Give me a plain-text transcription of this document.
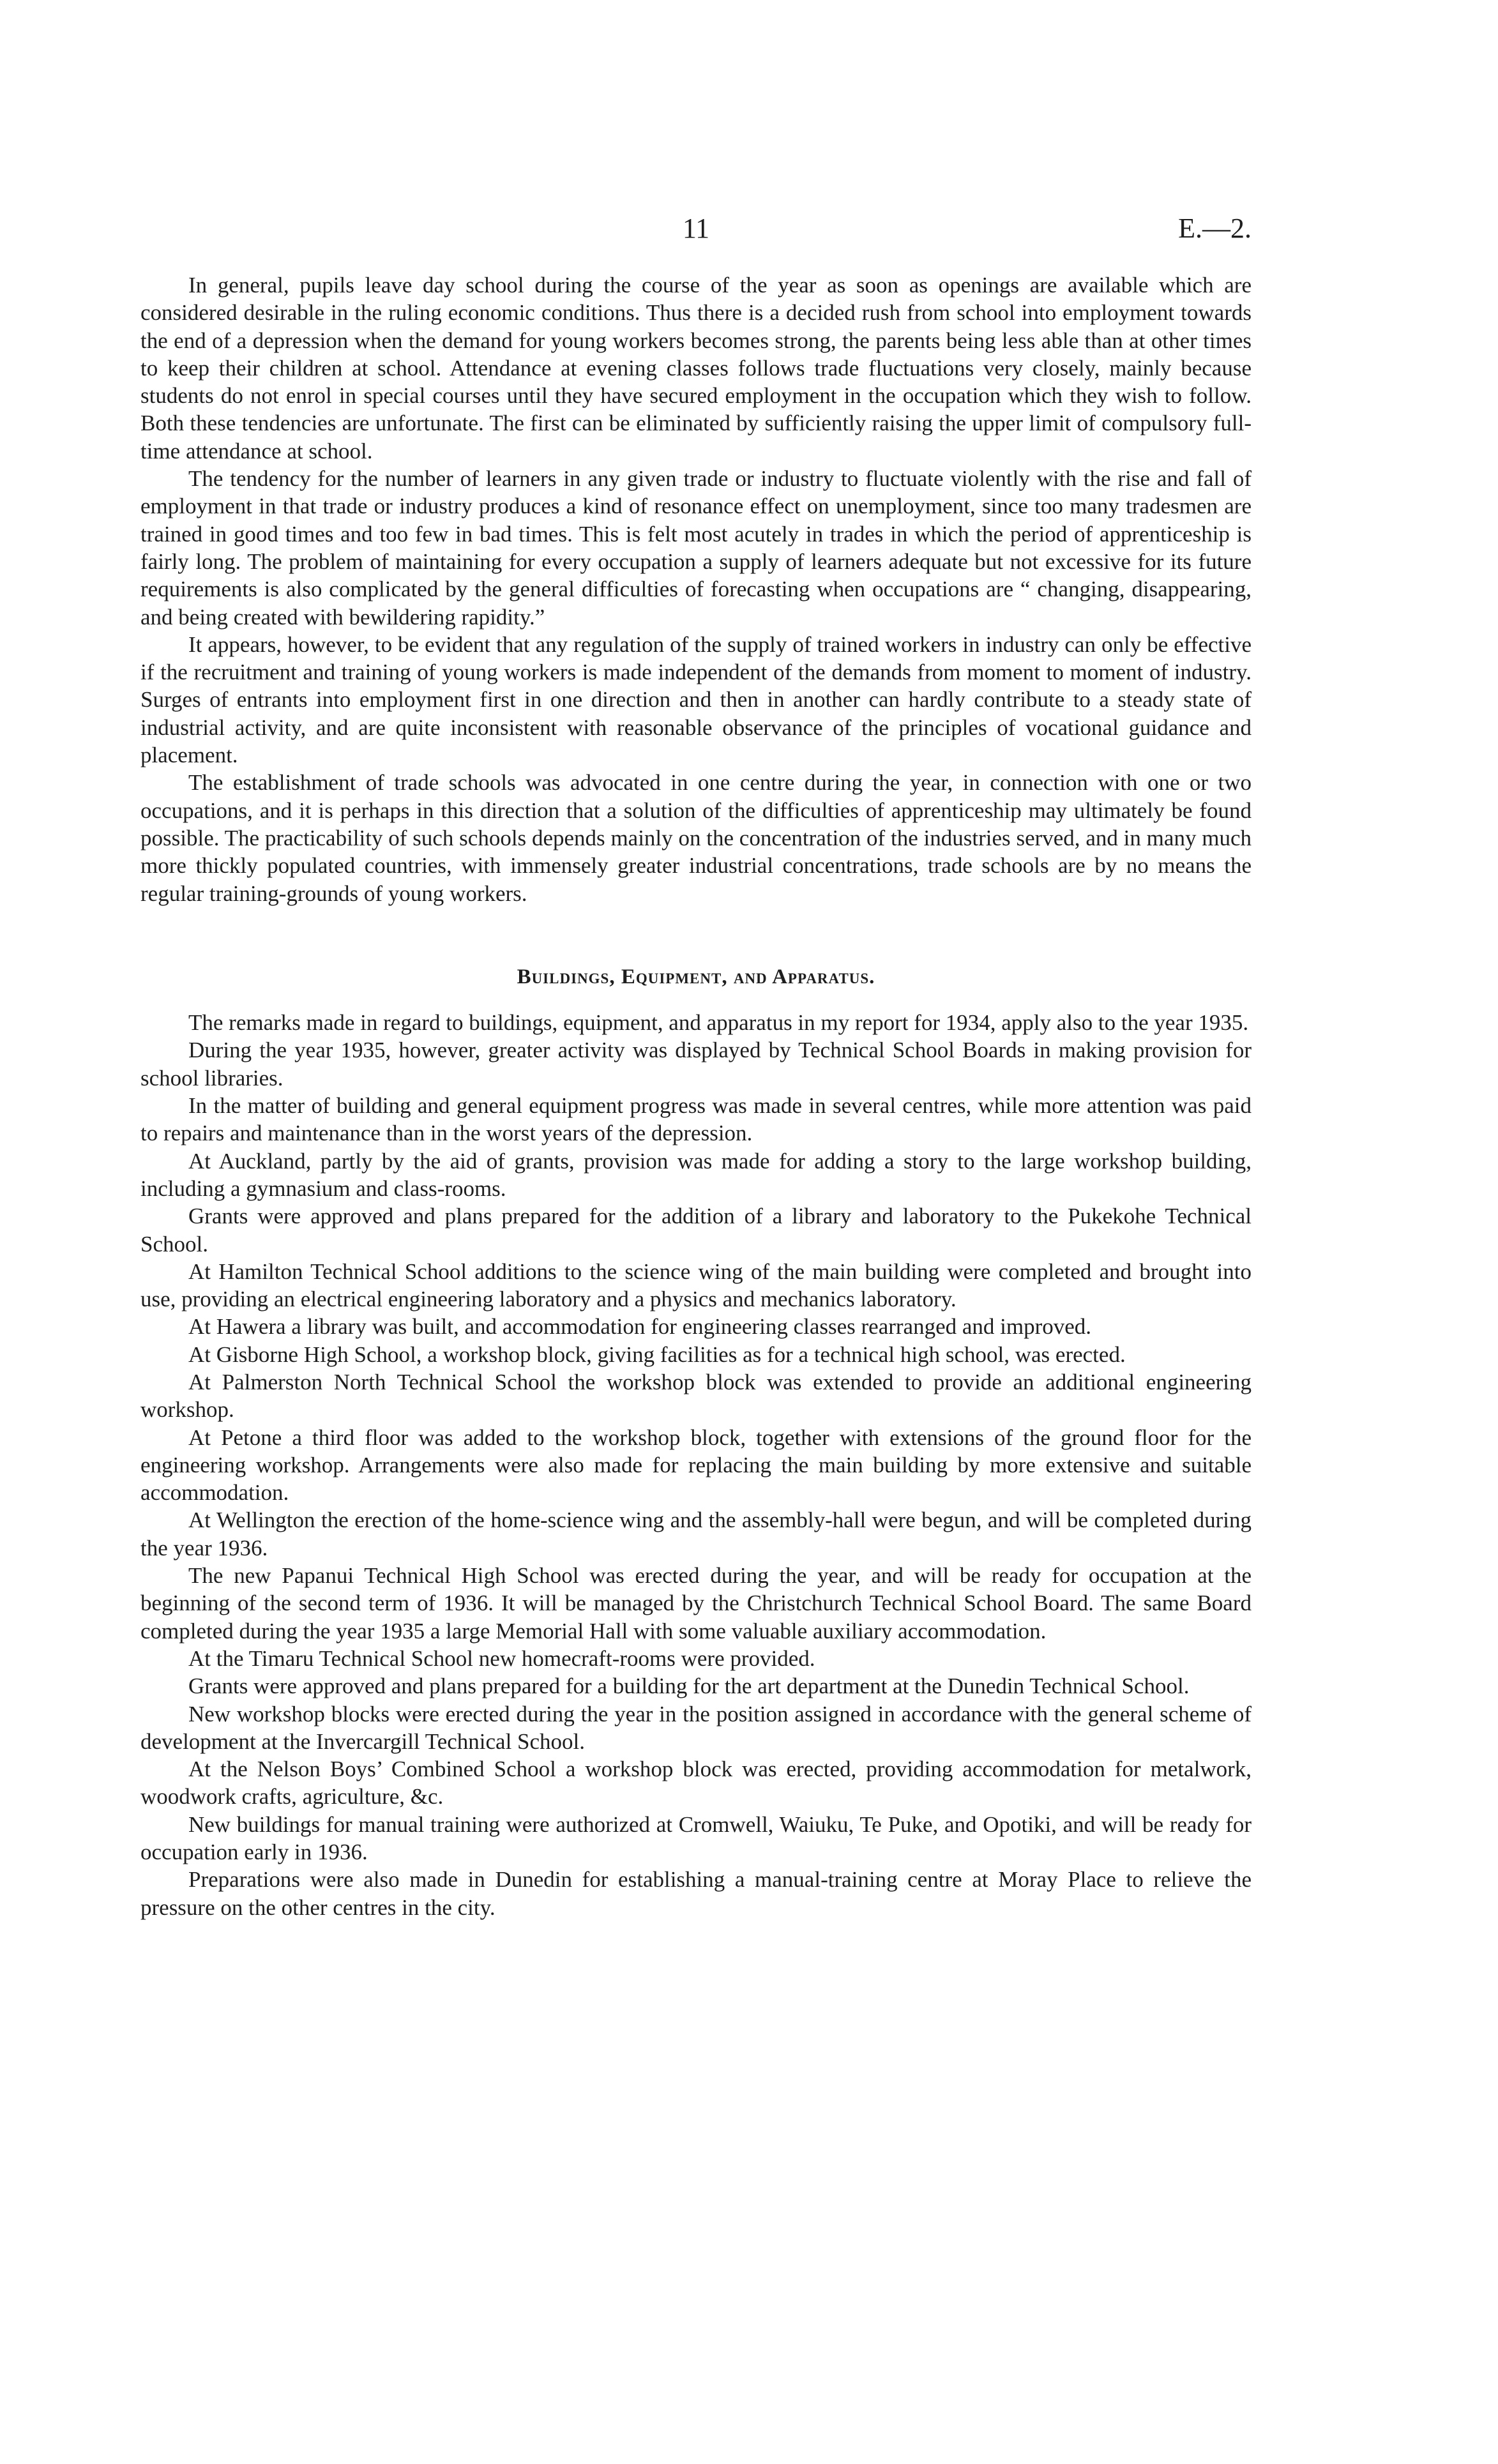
11	E.—2.

In general, pupils leave day school during the course of the year as soon as openings are available which are considered desirable in the ruling economic conditions. Thus there is a decided rush from school into employment towards the end of a depression when the demand for young workers becomes strong, the parents being less able than at other times to keep their children at school. Attendance at evening classes follows trade fluctuations very closely, mainly because students do not enrol in special courses until they have secured employment in the occupation which they wish to follow. Both these tendencies are unfortunate. The first can be eliminated by sufficiently raising the upper limit of compulsory full-time attendance at school.

The tendency for the number of learners in any given trade or industry to fluctuate violently with the rise and fall of employment in that trade or industry produces a kind of resonance effect on unemployment, since too many tradesmen are trained in good times and too few in bad times. This is felt most acutely in trades in which the period of apprenticeship is fairly long. The problem of maintaining for every occupation a supply of learners adequate but not excessive for its future requirements is also complicated by the general difficulties of forecasting when occupations are “ changing, disappearing, and being created with bewildering rapidity.”

It appears, however, to be evident that any regulation of the supply of trained workers in industry can only be effective if the recruitment and training of young workers is made independent of the demands from moment to moment of industry. Surges of entrants into employment first in one direction and then in another can hardly contribute to a steady state of industrial activity, and are quite inconsistent with reasonable observance of the principles of vocational guidance and placement.

The establishment of trade schools was advocated in one centre during the year, in connection with one or two occupations, and it is perhaps in this direction that a solution of the difficulties of apprenticeship may ultimately be found possible. The practicability of such schools depends mainly on the concentration of the industries served, and in many much more thickly populated countries, with immensely greater industrial concentrations, trade schools are by no means the regular training-grounds of young workers.

Buildings, Equipment, and Apparatus.

The remarks made in regard to buildings, equipment, and apparatus in my report for 1934, apply also to the year 1935.

During the year 1935, however, greater activity was displayed by Technical School Boards in making provision for school libraries.

In the matter of building and general equipment progress was made in several centres, while more attention was paid to repairs and maintenance than in the worst years of the depression.

At Auckland, partly by the aid of grants, provision was made for adding a story to the large workshop building, including a gymnasium and class-rooms.

Grants were approved and plans prepared for the addition of a library and laboratory to the Pukekohe Technical School.

At Hamilton Technical School additions to the science wing of the main building were completed and brought into use, providing an electrical engineering laboratory and a physics and mechanics laboratory.

At Hawera a library was built, and accommodation for engineering classes rearranged and improved.

At Gisborne High School, a workshop block, giving facilities as for a technical high school, was erected.

At Palmerston North Technical School the workshop block was extended to provide an additional engineering workshop.

At Petone a third floor was added to the workshop block, together with extensions of the ground floor for the engineering workshop. Arrangements were also made for replacing the main building by more extensive and suitable accommodation.

At Wellington the erection of the home-science wing and the assembly-hall were begun, and will be completed during the year 1936.

The new Papanui Technical High School was erected during the year, and will be ready for occupation at the beginning of the second term of 1936. It will be managed by the Christchurch Technical School Board. The same Board completed during the year 1935 a large Memorial Hall with some valuable auxiliary accommodation.

At the Timaru Technical School new homecraft-rooms were provided.

Grants were approved and plans prepared for a building for the art department at the Dunedin Technical School.

New workshop blocks were erected during the year in the position assigned in accordance with the general scheme of development at the Invercargill Technical School.

At the Nelson Boys’ Combined School a workshop block was erected, providing accommodation for metalwork, woodwork crafts, agriculture, &c.

New buildings for manual training were authorized at Cromwell, Waiuku, Te Puke, and Opotiki, and will be ready for occupation early in 1936.

Preparations were also made in Dunedin for establishing a manual-training centre at Moray Place to relieve the pressure on the other centres in the city.
